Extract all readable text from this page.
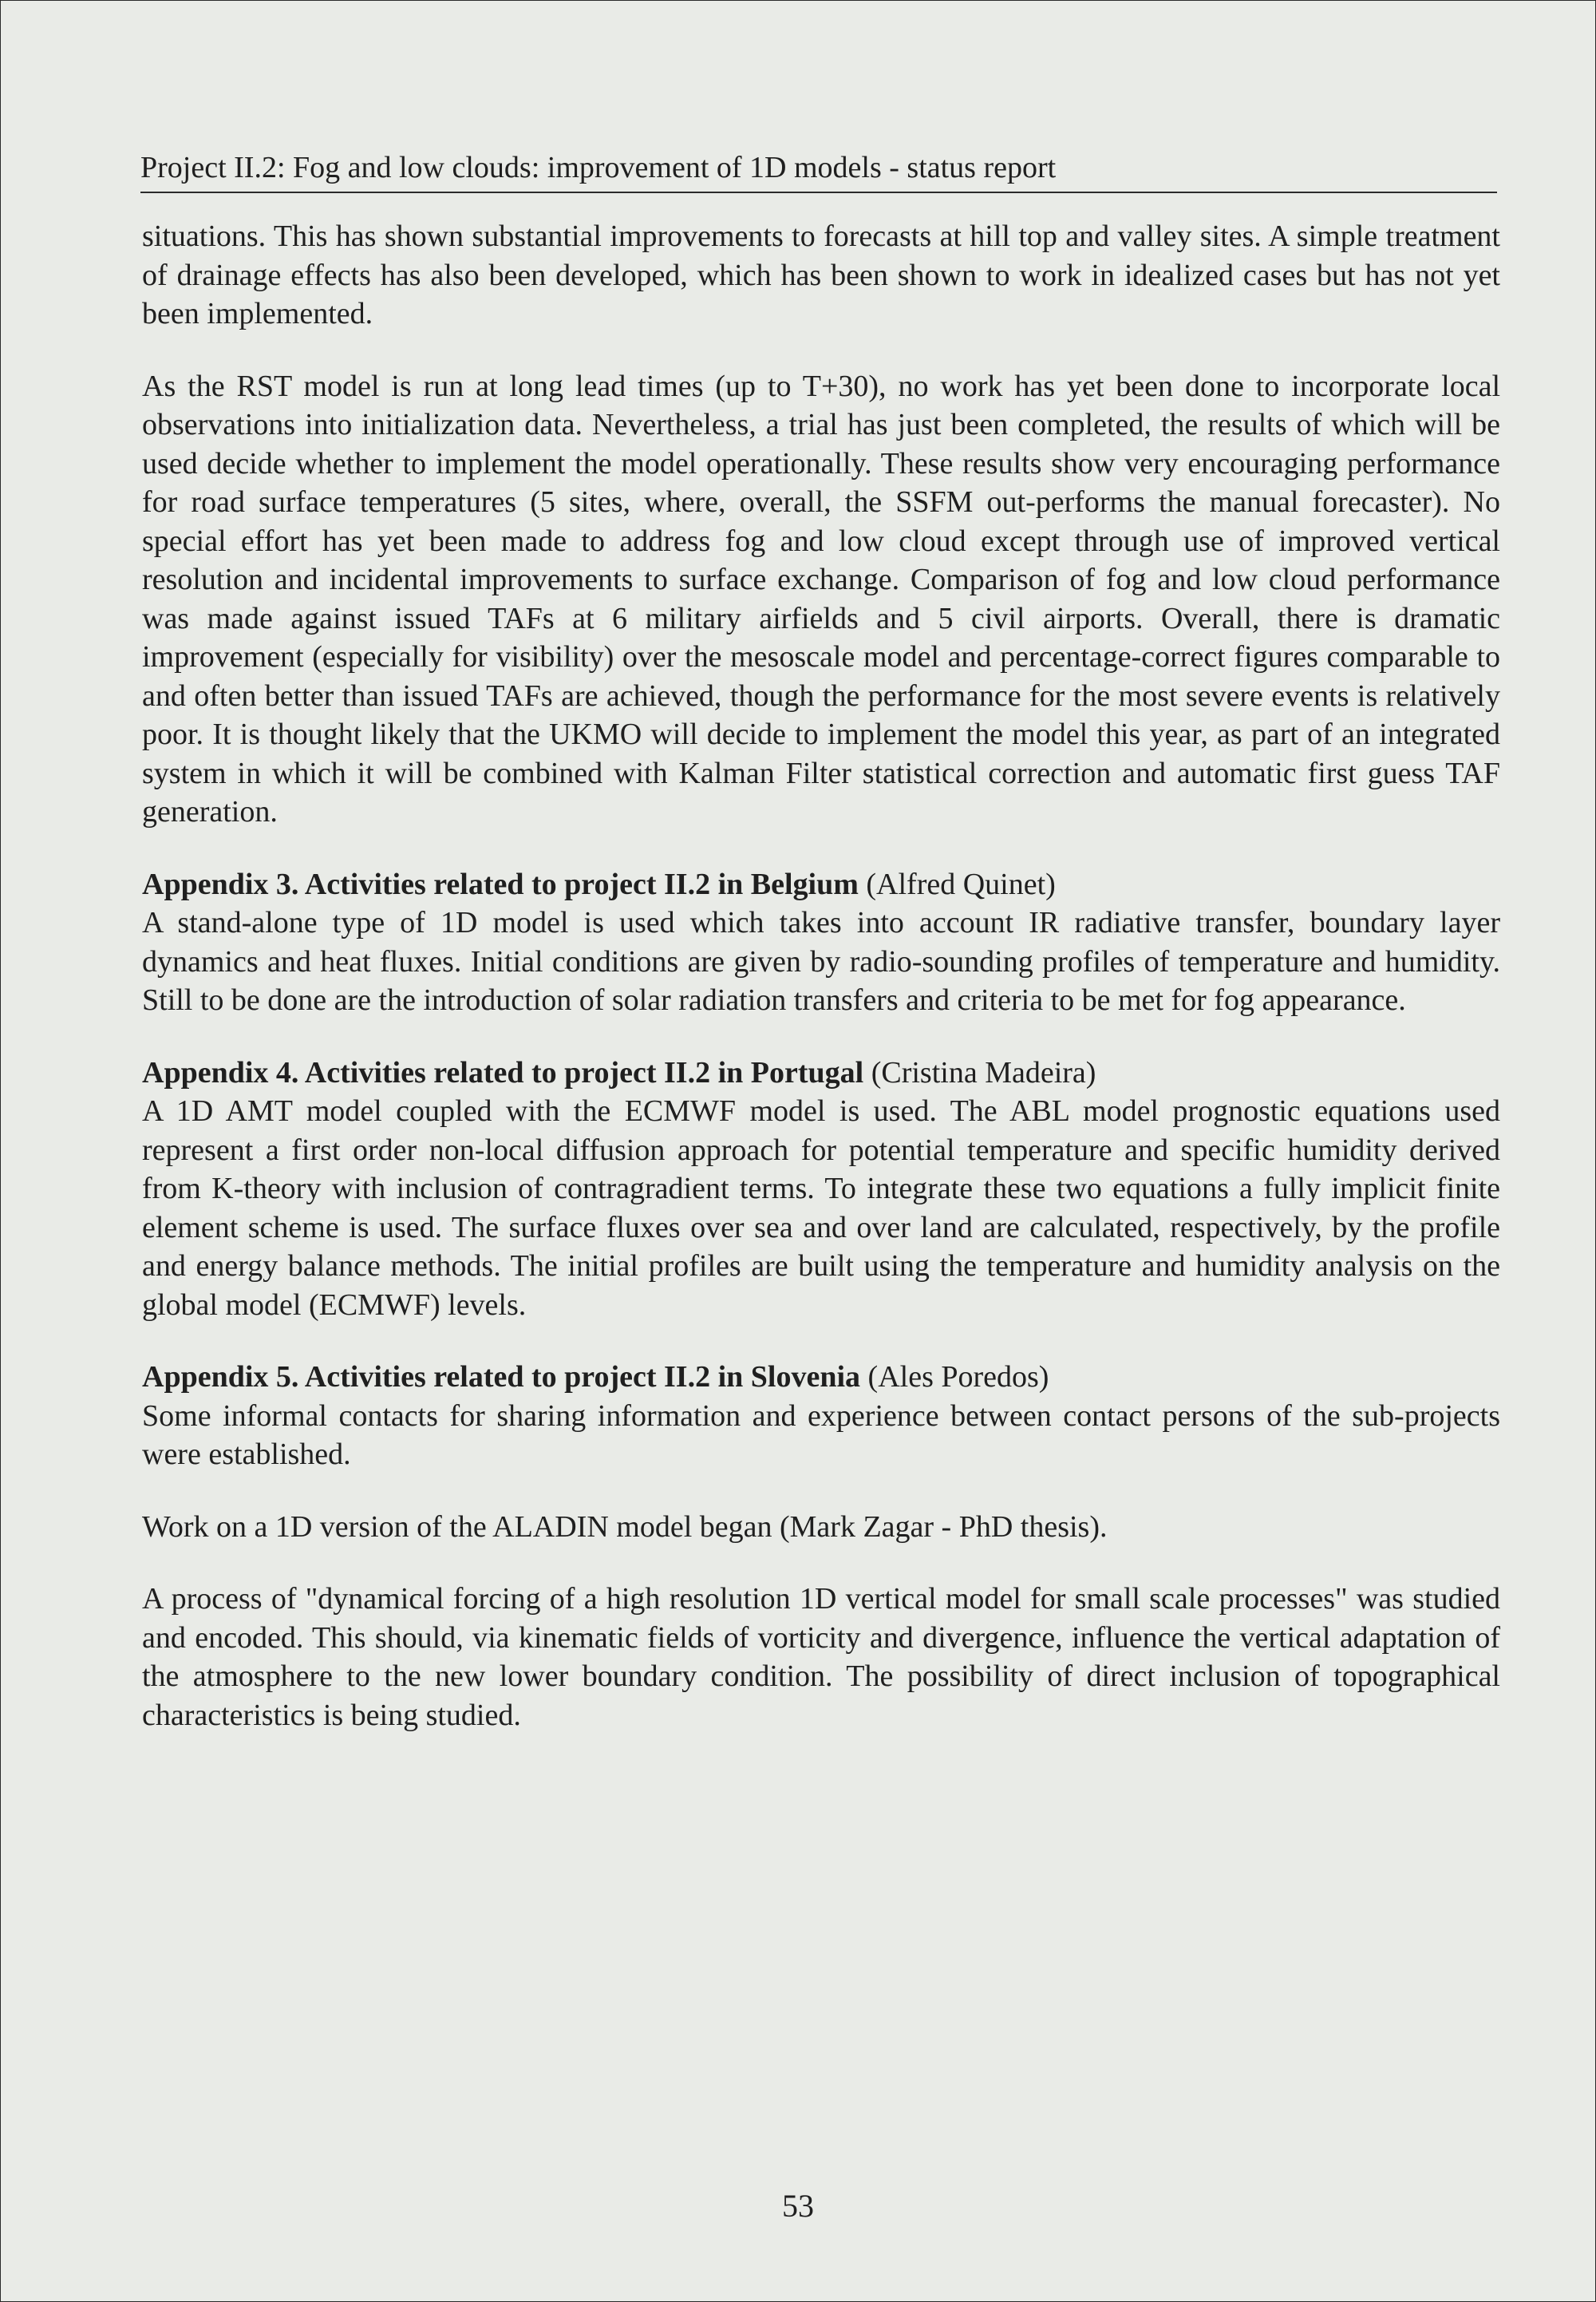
Project II.2: Fog and low clouds: improvement of 1D models - status report

situations. This has shown substantial improvements to forecasts at hill top and valley sites. A simple treatment of drainage effects has also been developed, which has been shown to work in idealized cases but has not yet been implemented.

As the RST model is run at long lead times (up to T+30), no work has yet been done to incorporate local observations into initialization data. Nevertheless, a trial has just been completed, the results of which will be used decide whether to implement the model operationally. These results show very encouraging performance for road surface temperatures (5 sites, where, overall, the SSFM out-performs the manual forecaster). No special effort has yet been made to address fog and low cloud except through use of improved vertical resolution and incidental improvements to surface exchange. Comparison of fog and low cloud performance was made against issued TAFs at 6 military airfields and 5 civil airports. Overall, there is dramatic improvement (especially for visibility) over the mesoscale model and percentage-correct figures comparable to and often better than issued TAFs are achieved, though the performance for the most severe events is relatively poor. It is thought likely that the UKMO will decide to implement the model this year, as part of an integrated system in which it will be combined with Kalman Filter statistical correction and automatic first guess TAF generation.

Appendix 3. Activities related to project II.2 in Belgium (Alfred Quinet)

A stand-alone type of 1D model is used which takes into account IR radiative transfer, boundary layer dynamics and heat fluxes. Initial conditions are given by radio-sounding profiles of temperature and humidity. Still to be done are the introduction of solar radiation transfers and criteria to be met for fog appearance.

Appendix 4. Activities related to project II.2 in Portugal (Cristina Madeira)

A 1D AMT model coupled with the ECMWF model is used. The ABL model prognostic equations used represent a first order non-local diffusion approach for potential temperature and specific humidity derived from K-theory with inclusion of contragradient terms. To integrate these two equations a fully implicit finite element scheme is used. The surface fluxes over sea and over land are calculated, respectively, by the profile and energy balance methods. The initial profiles are built using the temperature and humidity analysis on the global model (ECMWF) levels.

Appendix 5. Activities related to project II.2 in Slovenia (Ales Poredos)

Some informal contacts for sharing information and experience between contact persons of the sub-projects were established.

Work on a 1D version of the ALADIN model began (Mark Zagar - PhD thesis).

A process of "dynamical forcing of a high resolution 1D vertical model for small scale processes" was studied and encoded. This should, via kinematic fields of vorticity and divergence, influence the vertical adaptation of the atmosphere to the new lower boundary condition. The possibility of direct inclusion of topographical characteristics is being studied.

53
